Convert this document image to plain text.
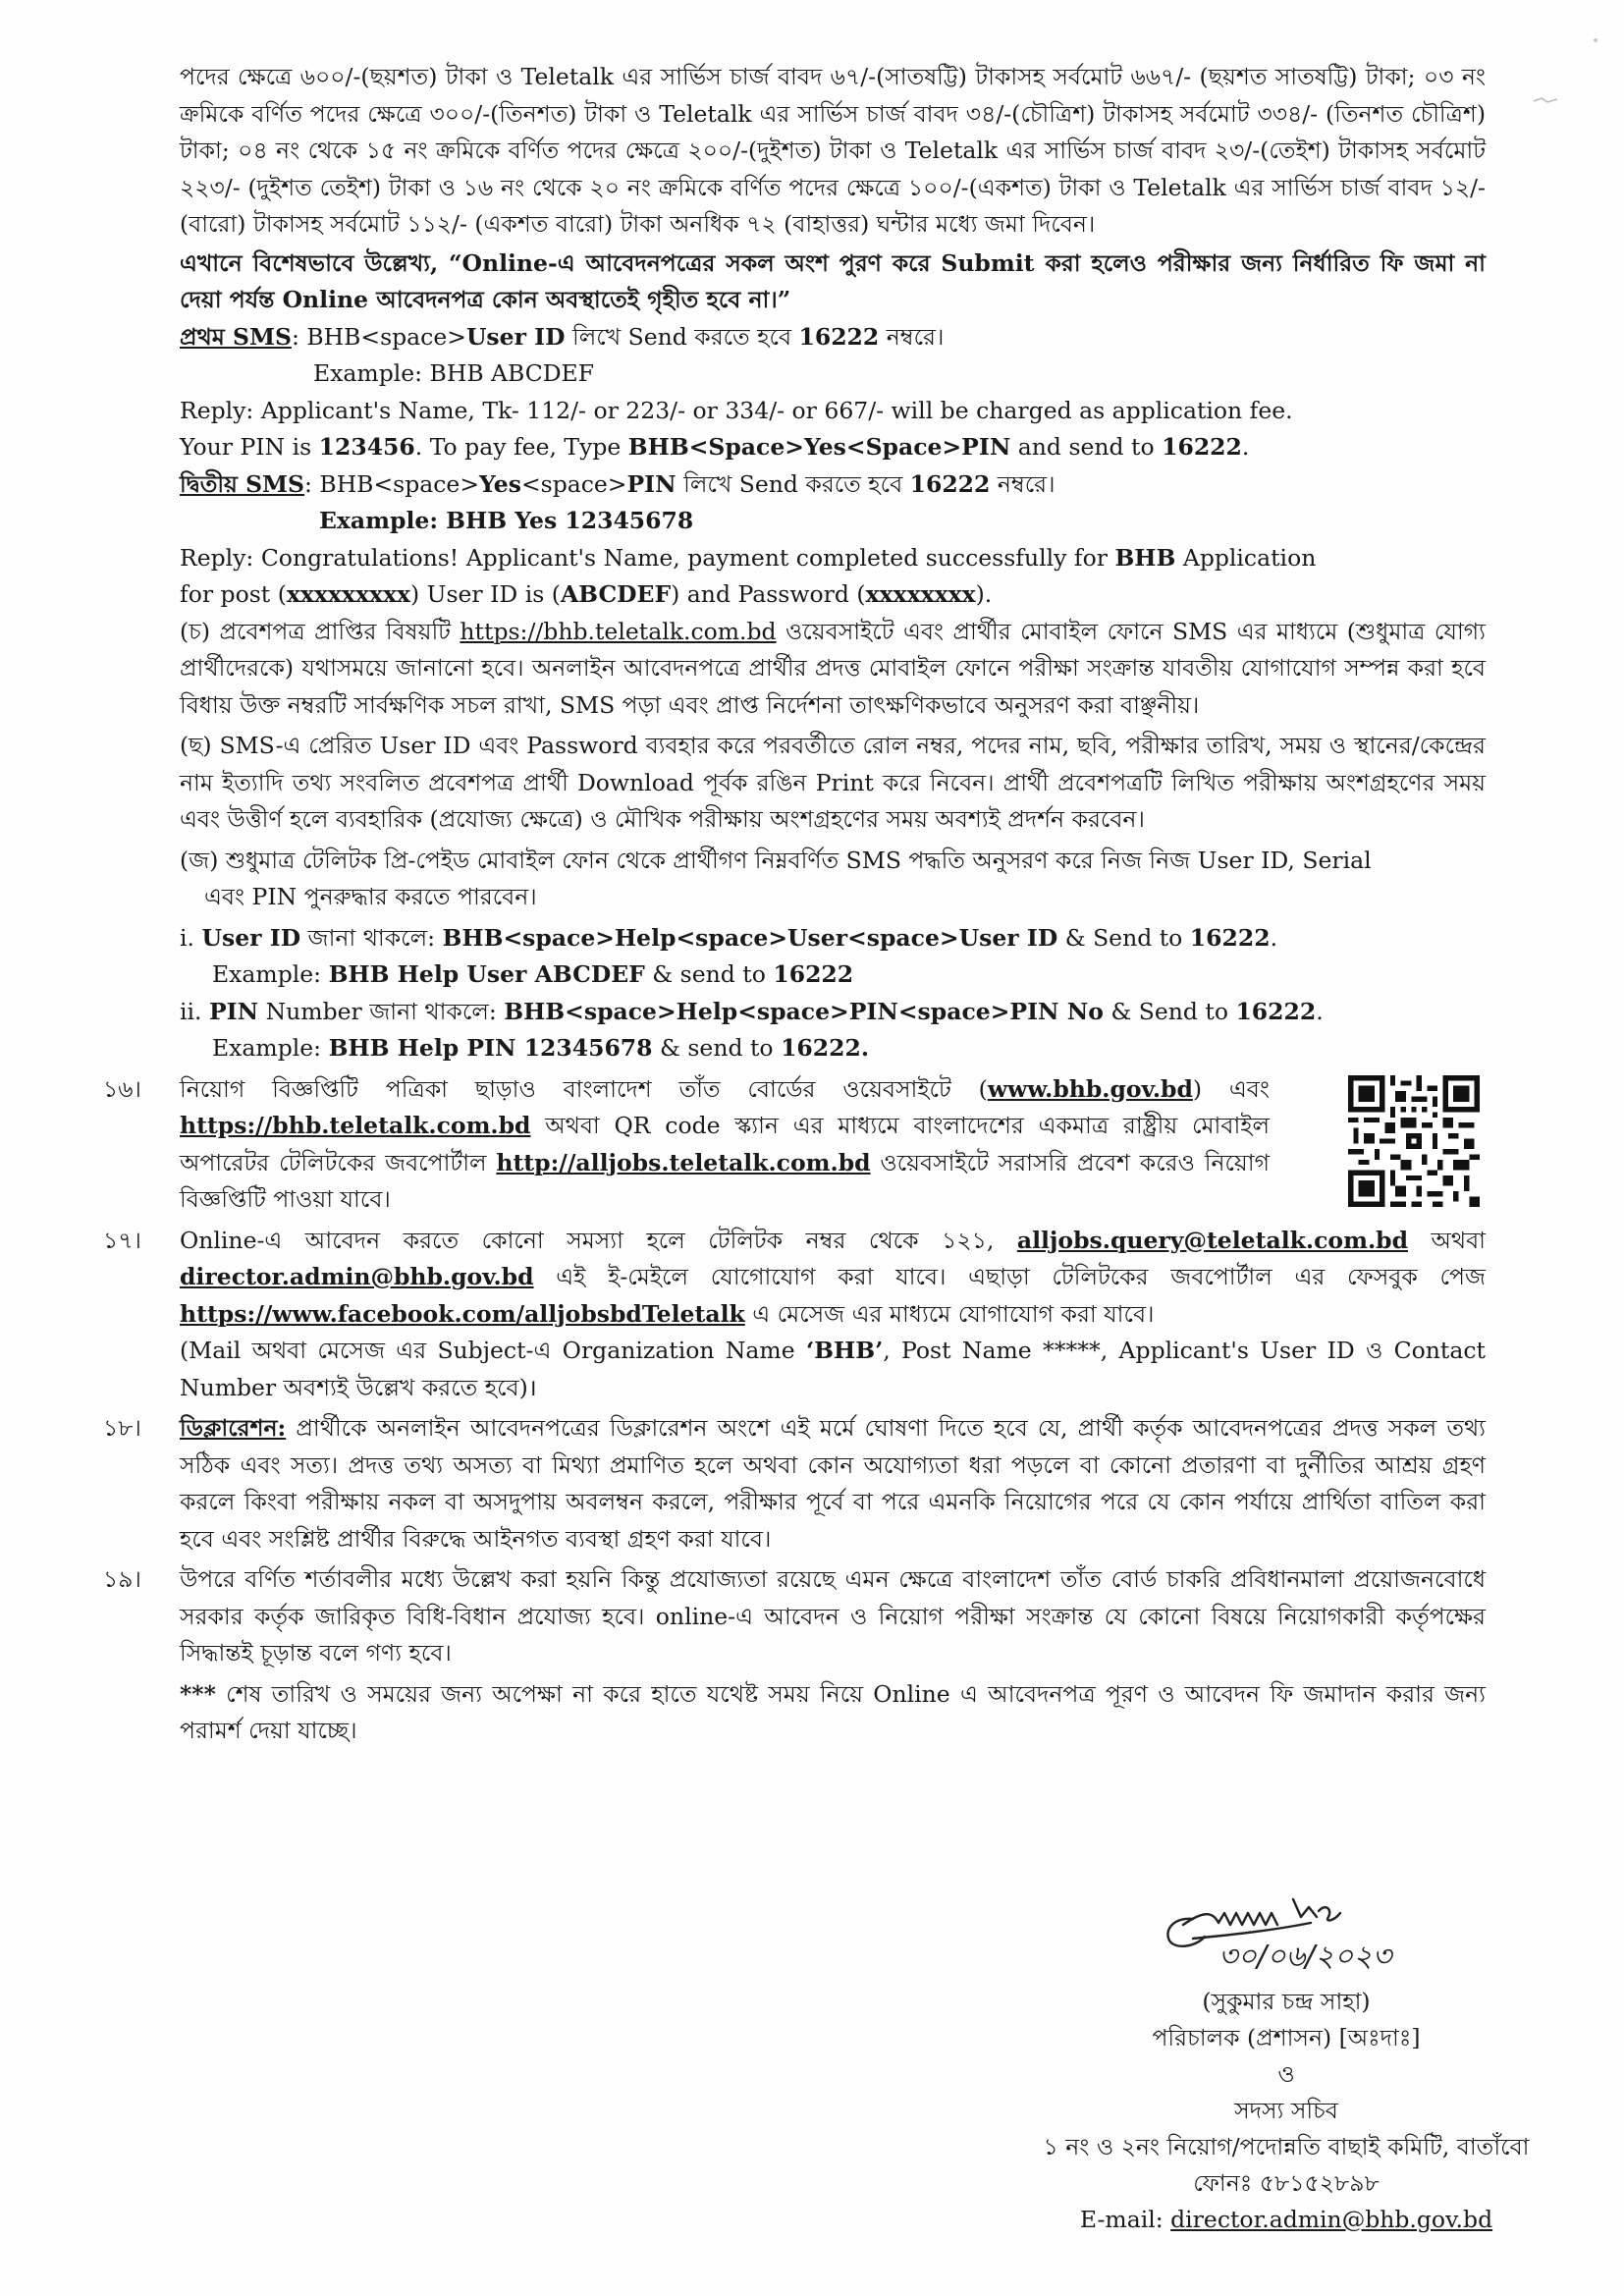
পদের ক্ষেত্রে ৬০০/-(ছয়শত) টাকা ও Teletalk এর সার্ভিস চার্জ বাবদ ৬৭/-(সাতষট্টি) টাকাসহ সর্বমোট ৬৬৭/- (ছয়শত সাতষট্টি) টাকা; ০৩ নং ক্রমিকে বর্ণিত পদের ক্ষেত্রে ৩০০/-(তিনশত) টাকা ও Teletalk এর সার্ভিস চার্জ বাবদ ৩৪/-(চৌত্রিশ) টাকাসহ সর্বমোট ৩৩৪/- (তিনশত চৌত্রিশ) টাকা; ০৪ নং থেকে ১৫ নং ক্রমিকে বর্ণিত পদের ক্ষেত্রে ২০০/-(দুইশত) টাকা ও Teletalk এর সার্ভিস চার্জ বাবদ ২৩/-(তেইশ) টাকাসহ সর্বমোট ২২৩/- (দুইশত তেইশ) টাকা ও ১৬ নং থেকে ২০ নং ক্রমিকে বর্ণিত পদের ক্ষেত্রে ১০০/-(একশত) টাকা ও Teletalk এর সার্ভিস চার্জ বাবদ ১২/-(বারো) টাকাসহ সর্বমোট ১১২/- (একশত বারো) টাকা অনধিক ৭২ (বাহাত্তর) ঘন্টার মধ্যে জমা দিবেন।

এখানে বিশেষভাবে উল্লেখ্য, “Online-এ আবেদনপত্রের সকল অংশ পুরণ করে Submit করা হলেও পরীক্ষার জন্য নির্ধারিত ফি জমা না দেয়া পর্যন্ত Online আবেদনপত্র কোন অবস্থাতেই গৃহীত হবে না।”

প্রথম SMS: BHB<space>User ID লিখে Send করতে হবে 16222 নম্বরে।

Example: BHB ABCDEF

Reply: Applicant's Name, Tk- 112/- or 223/- or 334/- or 667/- will be charged as application fee.

Your PIN is 123456. To pay fee, Type BHB<Space>Yes<Space>PIN and send to 16222.

দ্বিতীয় SMS: BHB<space>Yes<space>PIN লিখে Send করতে হবে 16222 নম্বরে।

Example: BHB Yes 12345678

Reply: Congratulations! Applicant's Name, payment completed successfully for BHB Application

for post (xxxxxxxxx) User ID is (ABCDEF) and Password (xxxxxxxx).

(চ) প্রবেশপত্র প্রাপ্তির বিষয়টি https://bhb.teletalk.com.bd ওয়েবসাইটে এবং প্রার্থীর মোবাইল ফোনে SMS এর মাধ্যমে (শুধুমাত্র যোগ্য প্রার্থীদেরকে) যথাসময়ে জানানো হবে। অনলাইন আবেদনপত্রে প্রার্থীর প্রদত্ত মোবাইল ফোনে পরীক্ষা সংক্রান্ত যাবতীয় যোগাযোগ সম্পন্ন করা হবে বিধায় উক্ত নম্বরটি সার্বক্ষণিক সচল রাখা, SMS পড়া এবং প্রাপ্ত নির্দেশনা তাৎক্ষণিকভাবে অনুসরণ করা বাঞ্ছনীয়।

(ছ) SMS-এ প্রেরিত User ID এবং Password ব্যবহার করে পরবর্তীতে রোল নম্বর, পদের নাম, ছবি, পরীক্ষার তারিখ, সময় ও স্থানের/কেন্দ্রের নাম ইত্যাদি তথ্য সংবলিত প্রবেশপত্র প্রার্থী Download পূর্বক রঙিন Print করে নিবেন। প্রার্থী প্রবেশপত্রটি লিখিত পরীক্ষায় অংশগ্রহণের সময় এবং উত্তীর্ণ হলে ব্যবহারিক (প্রযোজ্য ক্ষেত্রে) ও মৌখিক পরীক্ষায় অংশগ্রহণের সময় অবশ্যই প্রদর্শন করবেন।

(জ) শুধুমাত্র টেলিটক প্রি-পেইড মোবাইল ফোন থেকে প্রার্থীগণ নিম্নবর্ণিত SMS পদ্ধতি অনুসরণ করে নিজ নিজ User ID, Serial

এবং PIN পুনরুদ্ধার করতে পারবেন।

i. User ID জানা থাকলে: BHB<space>Help<space>User<space>User ID & Send to 16222.

Example: BHB Help User ABCDEF & send to 16222

ii. PIN Number জানা থাকলে: BHB<space>Help<space>PIN<space>PIN No & Send to 16222.

Example: BHB Help PIN 12345678 & send to 16222.

১৬।	নিয়োগ বিজ্ঞপ্তিটি পত্রিকা ছাড়াও বাংলাদেশ তাঁত বোর্ডের ওয়েবসাইটে (www.bhb.gov.bd) এবং https://bhb.teletalk.com.bd অথবা QR code স্ক্যান এর মাধ্যমে বাংলাদেশের একমাত্র রাষ্ট্রীয় মোবাইল অপারেটর টেলিটকের জবপোর্টাল http://alljobs.teletalk.com.bd ওয়েবসাইটে সরাসরি প্রবেশ করেও নিয়োগ বিজ্ঞপ্তিটি পাওয়া যাবে।

১৭।	Online-এ আবেদন করতে কোনো সমস্যা হলে টেলিটক নম্বর থেকে ১২১, alljobs.query@teletalk.com.bd অথবা director.admin@bhb.gov.bd এই ই-মেইলে যোগোযোগ করা যাবে। এছাড়া টেলিটকের জবপোর্টাল এর ফেসবুক পেজ https://www.facebook.com/alljobsbdTeletalk এ মেসেজ এর মাধ্যমে যোগাযোগ করা যাবে।

(Mail অথবা মেসেজ এর Subject-এ Organization Name ‘BHB’, Post Name *****, Applicant's User ID ও Contact Number অবশ্যই উল্লেখ করতে হবে)।

১৮।	ডিক্লারেশন: প্রার্থীকে অনলাইন আবেদনপত্রের ডিক্লারেশন অংশে এই মর্মে ঘোষণা দিতে হবে যে, প্রার্থী কর্তৃক আবেদনপত্রের প্রদত্ত সকল তথ্য সঠিক এবং সত্য। প্রদত্ত তথ্য অসত্য বা মিথ্যা প্রমাণিত হলে অথবা কোন অযোগ্যতা ধরা পড়লে বা কোনো প্রতারণা বা দুর্নীতির আশ্রয় গ্রহণ করলে কিংবা পরীক্ষায় নকল বা অসদুপায় অবলম্বন করলে, পরীক্ষার পূর্বে বা পরে এমনকি নিয়োগের পরে যে কোন পর্যায়ে প্রার্থিতা বাতিল করা হবে এবং সংশ্লিষ্ট প্রার্থীর বিরুদ্ধে আইনগত ব্যবস্থা গ্রহণ করা যাবে।

১৯।	উপরে বর্ণিত শর্তাবলীর মধ্যে উল্লেখ করা হয়নি কিন্তু প্রযোজ্যতা রয়েছে এমন ক্ষেত্রে বাংলাদেশ তাঁত বোর্ড চাকরি প্রবিধানমালা প্রয়োজনবোধে সরকার কর্তৃক জারিকৃত বিধি-বিধান প্রযোজ্য হবে। online-এ আবেদন ও নিয়োগ পরীক্ষা সংক্রান্ত যে কোনো বিষয়ে নিয়োগকারী কর্তৃপক্ষের সিদ্ধান্তই চূড়ান্ত বলে গণ্য হবে।

*** শেষ তারিখ ও সময়ের জন্য অপেক্ষা না করে হাতে যথেষ্ট সময় নিয়ে Online এ আবেদনপত্র পূরণ ও আবেদন ফি জমাদান করার জন্য পরামর্শ দেয়া যাচ্ছে।

৩০/০৬/২০২৩
(সুকুমার চন্দ্র সাহা)
পরিচালক (প্রশাসন) [অঃদাঃ]
ও
সদস্য সচিব
১ নং ও ২নং নিয়োগ/পদোন্নতি বাছাই কমিটি, বাতাঁবো
ফোনঃ ৫৮১৫২৮৯৮
E-mail: director.admin@bhb.gov.bd
